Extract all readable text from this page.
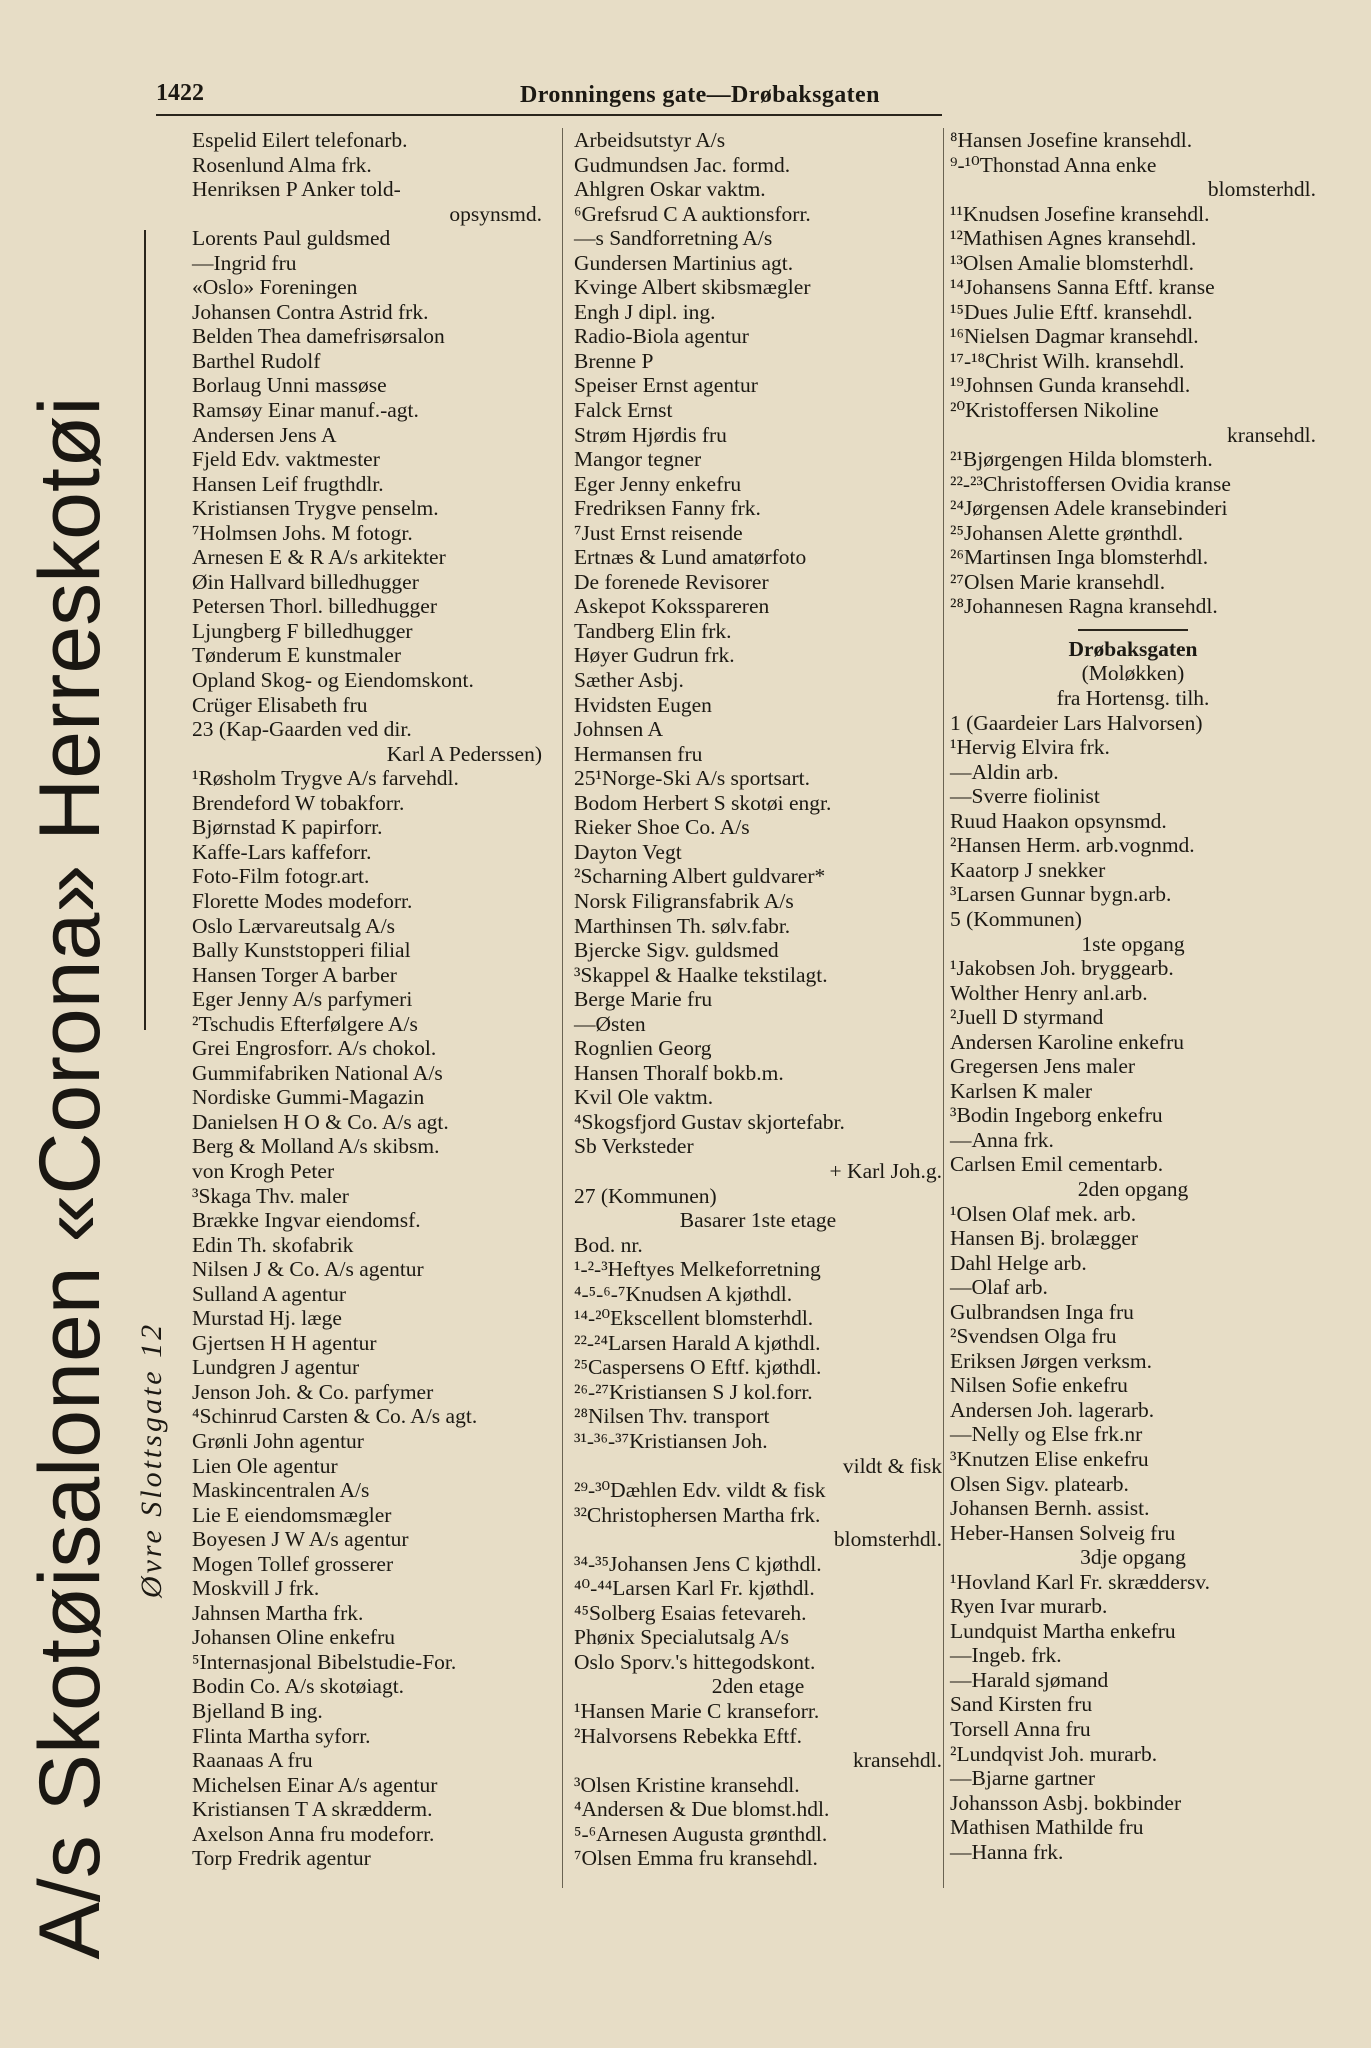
1422	Dronningens gate—Drøbaksgaten
A/s Skotøisalonen «Corona» Herreskotøi Øvre Slottsgate 12
Espelid Eilert telefonarb.
Rosenlund Alma frk.
Henriksen P Anker told-
opsynsmd.
Lorents Paul guldsmed
—Ingrid fru
«Oslo» Foreningen
Johansen Contra Astrid frk.
Belden Thea damefrisørsalon
Barthel Rudolf
Borlaug Unni massøse
Ramsøy Einar manuf.-agt.
Andersen Jens A
Fjeld Edv. vaktmester
Hansen Leif frugthdlr.
Kristiansen Trygve penselm.
⁷Holmsen Johs. M fotogr.
Arnesen E & R A/s arkitekter
Øin Hallvard billedhugger
Petersen Thorl. billedhugger
Ljungberg F billedhugger
Tønderum E kunstmaler
Opland Skog- og Eiendomskont.
Crüger Elisabeth fru
23 (Kap-Gaarden ved dir.
Karl A Pederssen)
¹Røsholm Trygve A/s farvehdl.
Brendeford W tobakforr.
Bjørnstad K papirforr.
Kaffe-Lars kaffeforr.
Foto-Film fotogr.art.
Florette Modes modeforr.
Oslo Lærvareutsalg A/s
Bally Kunststopperi filial
Hansen Torger A barber
Eger Jenny A/s parfymeri
²Tschudis Efterfølgere A/s
Grei Engrosforr. A/s chokol.
Gummifabriken National A/s
Nordiske Gummi-Magazin
Danielsen H O & Co. A/s agt.
Berg & Molland A/s skibsm.
von Krogh Peter
³Skaga Thv. maler
Brække Ingvar eiendomsf.
Edin Th. skofabrik
Nilsen J & Co. A/s agentur
Sulland A agentur
Murstad Hj. læge
Gjertsen H H agentur
Lundgren J agentur
Jenson Joh. & Co. parfymer
⁴Schinrud Carsten & Co. A/s agt.
Grønli John agentur
Lien Ole agentur
Maskincentralen A/s
Lie E eiendomsmægler
Boyesen J W A/s agentur
Mogen Tollef grosserer
Moskvill J frk.
Jahnsen Martha frk.
Johansen Oline enkefru
⁵Internasjonal Bibelstudie-For.
Bodin Co. A/s skotøiagt.
Bjelland B ing.
Flinta Martha syforr.
Raanaas A fru
Michelsen Einar A/s agentur
Kristiansen T A skrædderm.
Axelson Anna fru modeforr.
Torp Fredrik agentur
Arbeidsutstyr A/s
Gudmundsen Jac. formd.
Ahlgren Oskar vaktm.
⁶Grefsrud C A auktionsforr.
—s Sandforretning A/s
Gundersen Martinius agt.
Kvinge Albert skibsmægler
Engh J dipl. ing.
Radio-Biola agentur
Brenne P
Speiser Ernst agentur
Falck Ernst
Strøm Hjørdis fru
Mangor tegner
Eger Jenny enkefru
Fredriksen Fanny frk.
⁷Just Ernst reisende
Ertnæs & Lund amatørfoto
De forenede Revisorer
Askepot Koksspareren
Tandberg Elin frk.
Høyer Gudrun frk.
Sæther Asbj.
Hvidsten Eugen
Johnsen A
Hermansen fru
25¹Norge-Ski A/s sportsart.
Bodom Herbert S skotøi engr.
Rieker Shoe Co. A/s
Dayton Vegt
²Scharning Albert guldvarer*
Norsk Filigransfabrik A/s
Marthinsen Th. sølv.fabr.
Bjercke Sigv. guldsmed
³Skappel & Haalke tekstilagt.
Berge Marie fru
—Østen
Rognlien Georg
Hansen Thoralf bokb.m.
Kvil Ole vaktm.
⁴Skogsfjord Gustav skjortefabr.
Sb Verksteder
+ Karl Joh.g.
27 (Kommunen)
Basarer 1ste etage
Bod. nr.
¹-²-³Heftyes Melkeforretning
⁴-⁵-⁶-⁷Knudsen A kjøthdl.
¹⁴-²⁰Ekscellent blomsterhdl.
²²-²⁴Larsen Harald A kjøthdl.
²⁵Caspersens O Eftf. kjøthdl.
²⁶-²⁷Kristiansen S J kol.forr.
²⁸Nilsen Thv. transport
³¹-³⁶-³⁷Kristiansen Joh.
vildt & fisk
²⁹-³⁰Dæhlen Edv. vildt & fisk
³²Christophersen Martha frk.
blomsterhdl.
³⁴-³⁵Johansen Jens C kjøthdl.
⁴⁰-⁴⁴Larsen Karl Fr. kjøthdl.
⁴⁵Solberg Esaias fetevareh.
Phønix Specialutsalg A/s
Oslo Sporv.'s hittegodskont.
2den etage
¹Hansen Marie C kranseforr.
²Halvorsens Rebekka Eftf.
kransehdl.
³Olsen Kristine kransehdl.
⁴Andersen & Due blomst.hdl.
⁵-⁶Arnesen Augusta grønthdl.
⁷Olsen Emma fru kransehdl.
⁸Hansen Josefine kransehdl.
⁹-¹⁰Thonstad Anna enke
blomsterhdl.
¹¹Knudsen Josefine kransehdl.
¹²Mathisen Agnes kransehdl.
¹³Olsen Amalie blomsterhdl.
¹⁴Johansens Sanna Eftf. kranse
¹⁵Dues Julie Eftf. kransehdl.
¹⁶Nielsen Dagmar kransehdl.
¹⁷-¹⁸Christ Wilh. kransehdl.
¹⁹Johnsen Gunda kransehdl.
²⁰Kristoffersen Nikoline
kransehdl.
²¹Bjørgengen Hilda blomsterh.
²²-²³Christoffersen Ovidia kranse
²⁴Jørgensen Adele kransebinderi
²⁵Johansen Alette grønthdl.
²⁶Martinsen Inga blomsterhdl.
²⁷Olsen Marie kransehdl.
²⁸Johannesen Ragna kransehdl.
Drøbaksgaten
(Moløkken)
fra Hortensg. tilh.
1 (Gaardeier Lars Halvorsen)
¹Hervig Elvira frk.
—Aldin arb.
—Sverre fiolinist
Ruud Haakon opsynsmd.
²Hansen Herm. arb.vognmd.
Kaatorp J snekker
³Larsen Gunnar bygn.arb.
5 (Kommunen)
1ste opgang
¹Jakobsen Joh. bryggearb.
Wolther Henry anl.arb.
²Juell D styrmand
Andersen Karoline enkefru
Gregersen Jens maler
Karlsen K maler
³Bodin Ingeborg enkefru
—Anna frk.
Carlsen Emil cementarb.
2den opgang
¹Olsen Olaf mek. arb.
Hansen Bj. brolægger
Dahl Helge arb.
—Olaf arb.
Gulbrandsen Inga fru
²Svendsen Olga fru
Eriksen Jørgen verksm.
Nilsen Sofie enkefru
Andersen Joh. lagerarb.
—Nelly og Else frk.nr
³Knutzen Elise enkefru
Olsen Sigv. platearb.
Johansen Bernh. assist.
Heber-Hansen Solveig fru
3dje opgang
¹Hovland Karl Fr. skræddersv.
Ryen Ivar murarb.
Lundquist Martha enkefru
—Ingeb. frk.
—Harald sjømand
Sand Kirsten fru
Torsell Anna fru
²Lundqvist Joh. murarb.
—Bjarne gartner
Johansson Asbj. bokbinder
Mathisen Mathilde fru
—Hanna frk.
